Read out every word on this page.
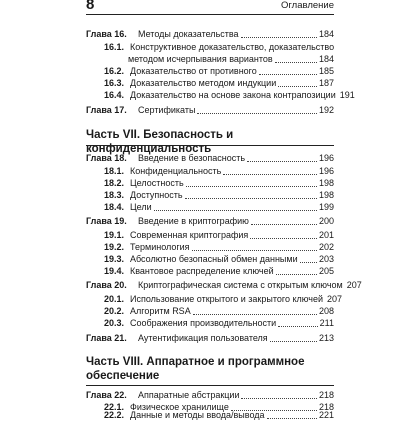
8	Оглавление
Глава 16.	Методы доказательства	184
16.1. Конструктивное доказательство, доказательство
методом исчерпывания вариантов	184
16.2. Доказательство от противного	185
16.3. Доказательство методом индукции	187
16.4. Доказательство на основе закона контрапозиции 191
Глава 17.	Сертификаты	192
Часть VII. Безопасность и конфиденциальность
Глава 18.	Введение в безопасность	196
18.1. Конфиденциальность	196
18.2. Целостность	198
18.3. Доступность	198
18.4. Цели	199
Глава 19.	Введение в криптографию	200
19.1. Современная криптография	201
19.2. Терминология	202
19.3. Абсолютно безопасный обмен данными 203
19.4. Квантовое распределение ключей	205
Глава 20.	Криптографическая система с открытым ключом 207
20.1. Использование открытого и закрытого ключей 207
20.2. Алгоритм RSA	208
20.3. Соображения производительности	211
Глава 21.	Аутентификация пользователя	213
Часть VIII. Аппаратное и программное
обеспечение
Глава 22.	Аппаратные абстракции	218
22.1. Физическое хранилище	218
22.2. Данные и методы ввода/вывода	221
